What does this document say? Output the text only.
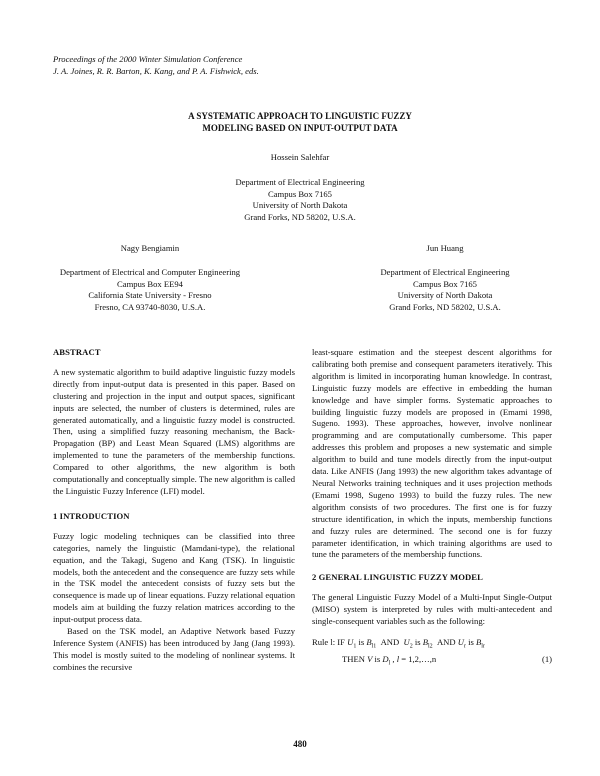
Proceedings of the 2000 Winter Simulation Conference
J. A. Joines, R. R. Barton, K. Kang, and P. A. Fishwick, eds.
A SYSTEMATIC APPROACH TO LINGUISTIC FUZZY
MODELING BASED ON INPUT-OUTPUT DATA
Hossein Salehfar
Department of Electrical Engineering
Campus Box 7165
University of North Dakota
Grand Forks, ND 58202, U.S.A.
Nagy Bengiamin
Department of Electrical and Computer Engineering
Campus Box EE94
California State University - Fresno
Fresno, CA 93740-8030, U.S.A.
Jun Huang
Department of Electrical Engineering
Campus Box 7165
University of North Dakota
Grand Forks, ND 58202, U.S.A.
ABSTRACT

A new systematic algorithm to build adaptive linguistic fuzzy models directly from input-output data is presented in this paper. Based on clustering and projection in the input and output spaces, significant inputs are selected, the number of clusters is determined, rules are generated automatically, and a linguistic fuzzy model is constructed. Then, using a simplified fuzzy reasoning mechanism, the Back-Propagation (BP) and Least Mean Squared (LMS) algorithms are implemented to tune the parameters of the membership functions. Compared to other algorithms, the new algorithm is both computationally and conceptually simple. The new algorithm is called the Linguistic Fuzzy Inference (LFI) model.

1 INTRODUCTION

Fuzzy logic modeling techniques can be classified into three categories, namely the linguistic (Mamdani-type), the relational equation, and the Takagi, Sugeno and Kang (TSK). In linguistic models, both the antecedent and the consequence are fuzzy sets while in the TSK model the antecedent consists of fuzzy sets but the consequence is made up of linear equations. Fuzzy relational equation models aim at building the fuzzy relation matrices according to the input-output process data.

Based on the TSK model, an Adaptive Network based Fuzzy Inference System (ANFIS) has been introduced by Jang (Jang 1993). This model is mostly suited to the modeling of nonlinear systems. It combines the recursive

least-square estimation and the steepest descent algorithms for calibrating both premise and consequent parameters iteratively. This algorithm is limited in incorporating human knowledge. In contrast, Linguistic fuzzy models are effective in embedding the human knowledge and have simpler forms. Systematic approaches to building linguistic fuzzy models are proposed in (Emami 1998, Sugeno. 1993). These approaches, however, involve nonlinear programming and are computationally cumbersome. This paper addresses this problem and proposes a new systematic and simple algorithm to build and tune models directly from the input-output data. Like ANFIS (Jang 1993) the new algorithm takes advantage of Neural Networks training techniques and it uses projection methods (Emami 1998, Sugeno 1993) to build the fuzzy rules. The new algorithm consists of two procedures. The first one is for fuzzy structure identification, in which the inputs, membership functions and fuzzy rules are determined. The second one is for fuzzy parameter identification, in which training algorithms are used to tune the parameters of the membership functions.

2 GENERAL LINGUISTIC FUZZY MODEL

The general Linguistic Fuzzy Model of a Multi-Input Single-Output (MISO) system is interpreted by rules with multi-antecedent and single-consequent variables such as the following:

Rule l: IF $U_1$ is $B_{l1}$  AND  $U_2$ is $B_{l2}$  AND $U_r$ is $B_{lr}$
THEN V is $D_l$ , l = 1,2,…,n	(1)
480
